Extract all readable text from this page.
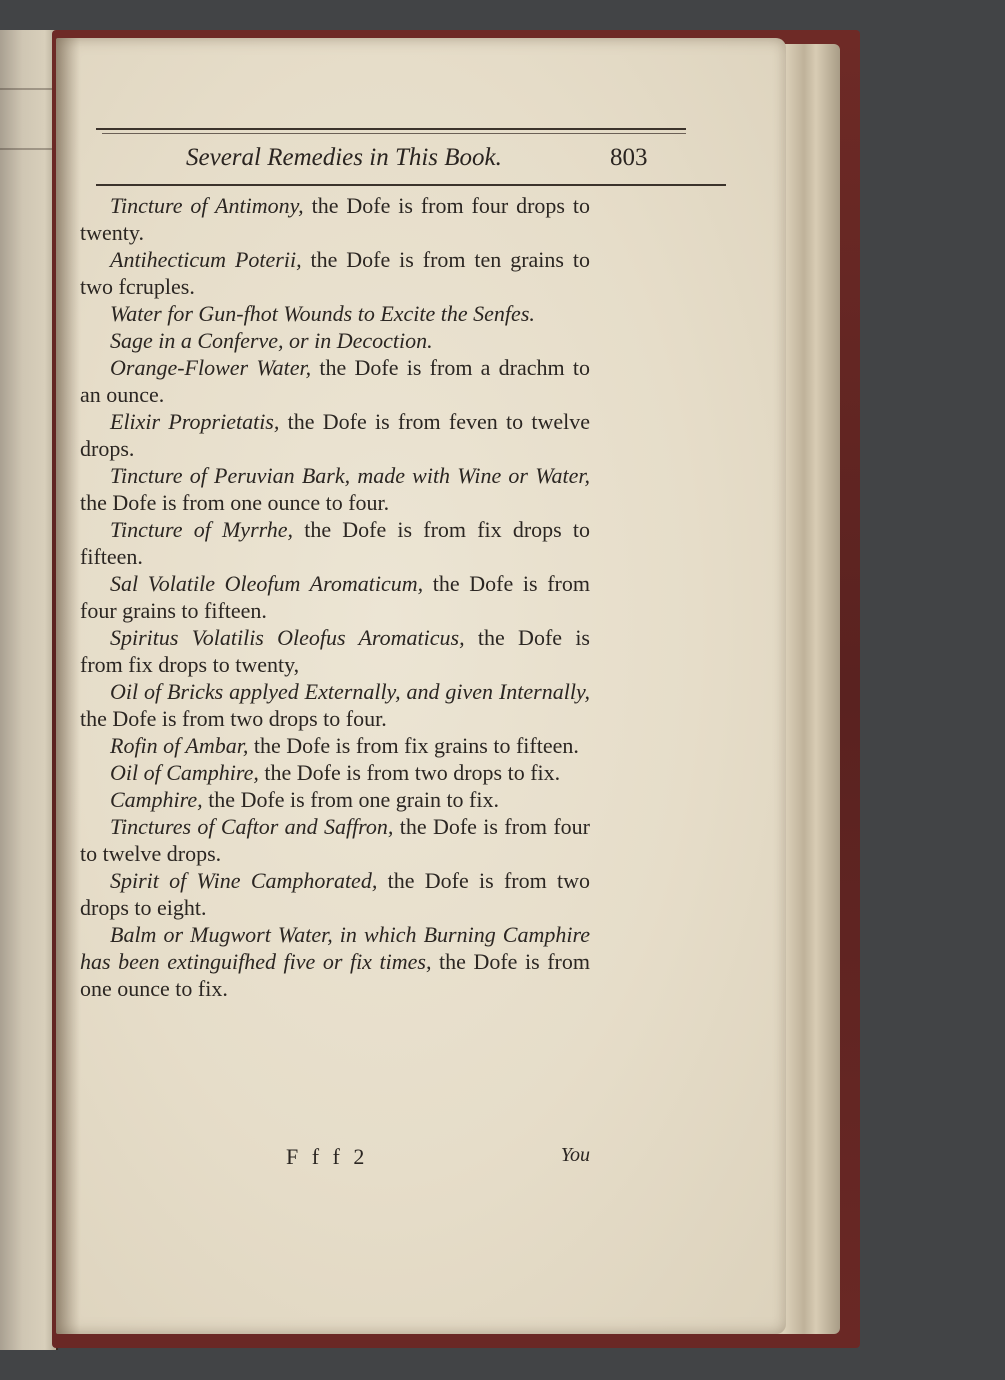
Several Remedies in This Book.	803

Tincture of Antimony, the Dofe is from four drops to twenty.

Antihecticum Poterii, the Dofe is from ten grains to two fcruples.

Water for Gun-fhot Wounds to Excite the Senfes.

Sage in a Conferve, or in Decoction.

Orange-Flower Water, the Dofe is from a drachm to an ounce.

Elixir Proprietatis, the Dofe is from feven to twelve drops.

Tincture of Peruvian Bark, made with Wine or Water, the Dofe is from one ounce to four.

Tincture of Myrrhe, the Dofe is from fix drops to fifteen.

Sal Volatile Oleofum Aromaticum, the Dofe is from four grains to fifteen.

Spiritus Volatilis Oleofus Aromaticus, the Dofe is from fix drops to twenty,

Oil of Bricks applyed Externally, and given Internally, the Dofe is from two drops to four.

Rofin of Ambar, the Dofe is from fix grains to fifteen.

Oil of Camphire, the Dofe is from two drops to fix.

Camphire, the Dofe is from one grain to fix.

Tinctures of Caftor and Saffron, the Dofe is from four to twelve drops.

Spirit of Wine Camphorated, the Dofe is from two drops to eight.

Balm or Mugwort Water, in which Burning Camphire has been extinguifhed five or fix times, the Dofe is from one ounce to fix.

F f f 2	You
